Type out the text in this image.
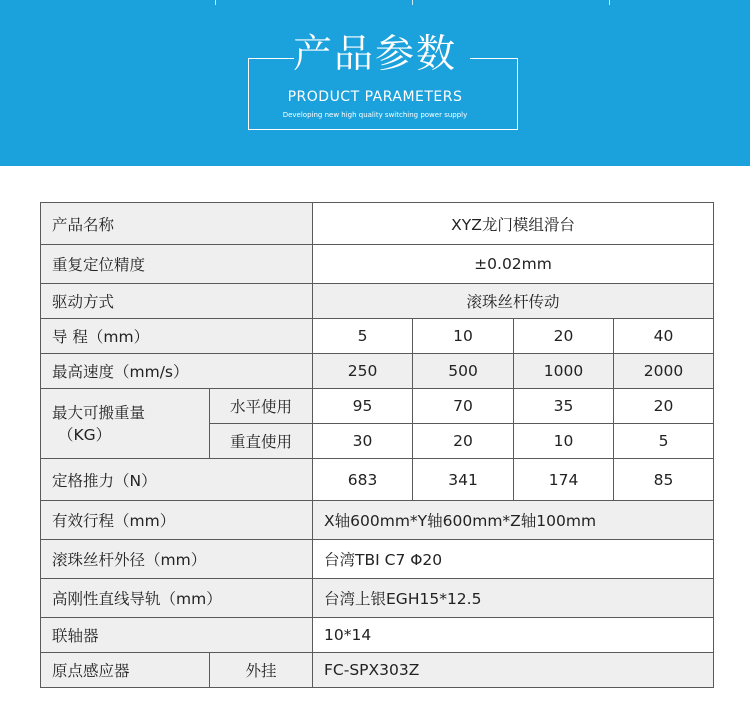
产品参数
PRODUCT PARAMETERS
Developing new high quality switching power supply
产品名称		XYZ龙门模组滑台			
重复定位精度		±0.02mm			
驱动方式		滚珠丝杆传动			
导 程（mm）		5	10	20	40
最高速度（mm/s）		250	500	1000	2000

最大可搬重量
（KG）	水平使用	95	70	35	20
	重直使用	30	20	10	5
定格推力（N）		683	341	174	85
有效行程（mm）		X轴600mm*Y轴600mm*Z轴100mm			
滚珠丝杆外径（mm）		台湾TBI C7 Φ20			
高刚性直线导轨（mm）		台湾上银EGH15*12.5			
联轴器		10*14			
原点感应器	外挂	FC-SPX303Z			
